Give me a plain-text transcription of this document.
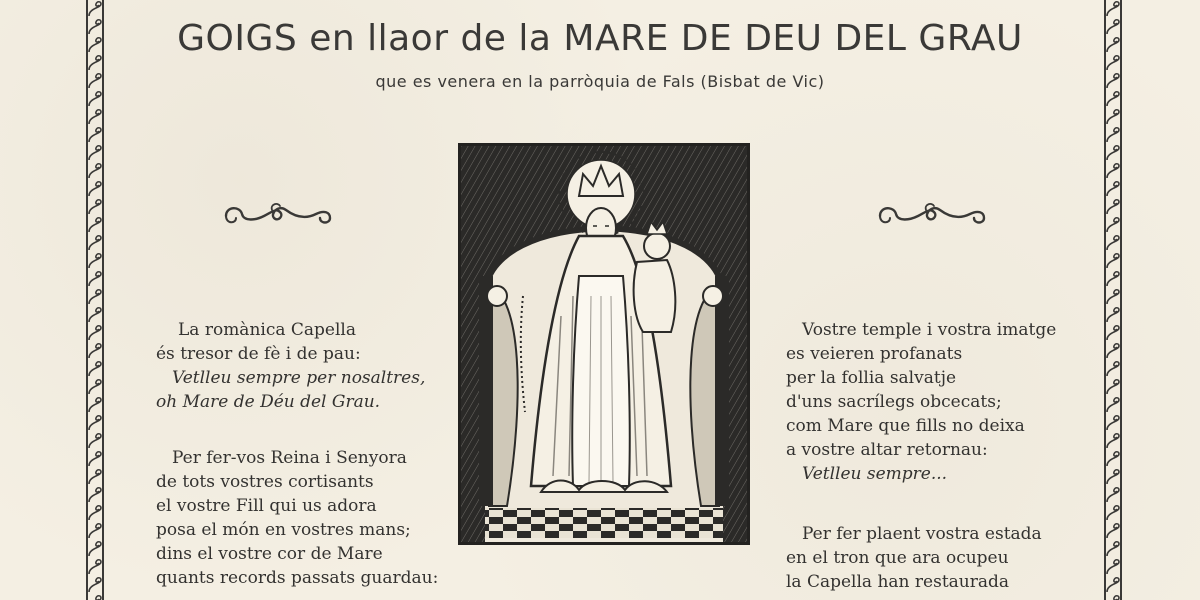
GOIGS en llaor de la MARE DE DEU DEL GRAU
que es venera en la parròquia de Fals (Bisbat de Vic)
La romànica Capella
és tresor de fè i de pau:
Vetlleu sempre per nosaltres,
oh Mare de Déu del Grau.
Per fer-vos Reina i Senyora
de tots vostres cortisants
el vostre Fill qui us adora
posa el món en vostres mans;
dins el vostre cor de Mare
quants records passats guardau:
Vostre temple i vostra imatge
es veieren profanats
per la follia salvatje
d'uns sacrílegs obcecats;
com Mare que fills no deixa
a vostre altar retornau:
Vetlleu sempre...
Per fer plaent vostra estada
en el tron que ara ocupeu
la Capella han restaurada
